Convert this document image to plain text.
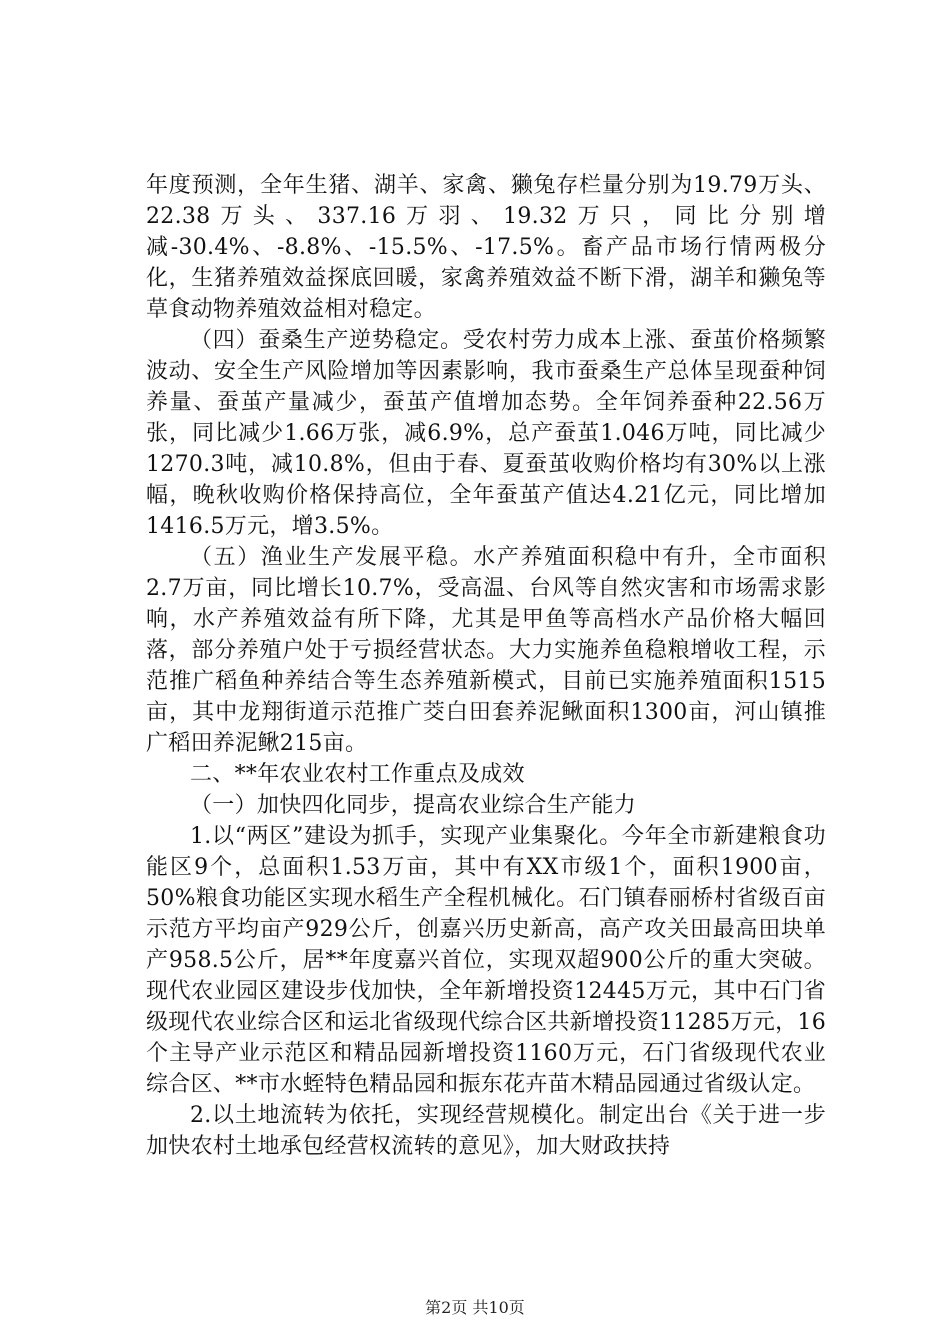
年度预测，全年生猪、湖羊、家禽、獭兔存栏量分别为19.79万头、22.38万头、337.16万羽、19.32万只，同比分别增减-30.4%、-8.8%、-15.5%、-17.5%。畜产品市场行情两极分化，生猪养殖效益探底回暖，家禽养殖效益不断下滑，湖羊和獭兔等草食动物养殖效益相对稳定。

（四）蚕桑生产逆势稳定。受农村劳力成本上涨、蚕茧价格频繁波动、安全生产风险增加等因素影响，我市蚕桑生产总体呈现蚕种饲养量、蚕茧产量减少，蚕茧产值增加态势。全年饲养蚕种22.56万张，同比减少1.66万张，减6.9%，总产蚕茧1.046万吨，同比减少1270.3吨，减10.8%，但由于春、夏蚕茧收购价格均有30%以上涨幅，晚秋收购价格保持高位，全年蚕茧产值达4.21亿元，同比增加1416.5万元，增3.5%。

（五）渔业生产发展平稳。水产养殖面积稳中有升，全市面积2.7万亩，同比增长10.7%，受高温、台风等自然灾害和市场需求影响，水产养殖效益有所下降，尤其是甲鱼等高档水产品价格大幅回落，部分养殖户处于亏损经营状态。大力实施养鱼稳粮增收工程，示范推广稻鱼种养结合等生态养殖新模式，目前已实施养殖面积1515亩，其中龙翔街道示范推广茭白田套养泥鳅面积1300亩，河山镇推广稻田养泥鳅215亩。

二、**年农业农村工作重点及成效

（一）加快四化同步，提高农业综合生产能力

1.以“两区”建设为抓手，实现产业集聚化。今年全市新建粮食功能区9个，总面积1.53万亩，其中有XX市级1个，面积1900亩，50%粮食功能区实现水稻生产全程机械化。石门镇春丽桥村省级百亩示范方平均亩产929公斤，创嘉兴历史新高，高产攻关田最高田块单产958.5公斤，居**年度嘉兴首位，实现双超900公斤的重大突破。现代农业园区建设步伐加快，全年新增投资12445万元，其中石门省级现代农业综合区和运北省级现代综合区共新增投资11285万元，16个主导产业示范区和精品园新增投资1160万元，石门省级现代农业综合区、**市水蛭特色精品园和振东花卉苗木精品园通过省级认定。

2.以土地流转为依托，实现经营规模化。制定出台《关于进一步加快农村土地承包经营权流转的意见》，加大财政扶持

第2页 共10页
